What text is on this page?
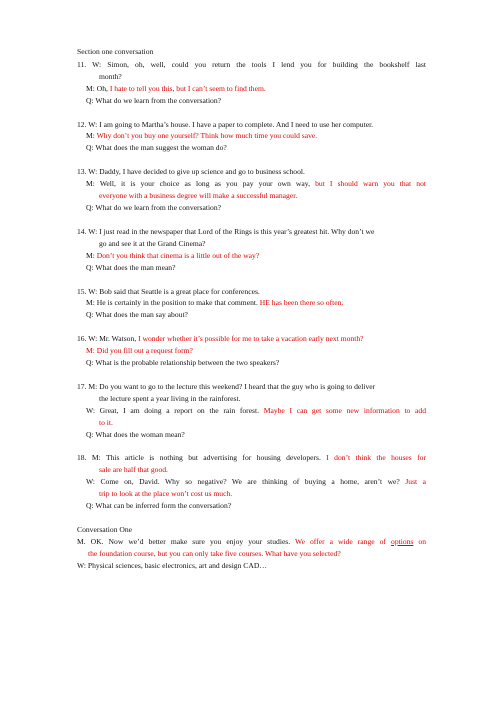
Section one conversation
11. W: Simon, oh, well, could you return the tools I lend you for building the bookshelf last
month?
M: Oh, I hate to tell you this, but I can’t seem to find them.
Q: What do we learn from the conversation?
12. W: I am going to Martha’s house. I have a paper to complete. And I need to use her computer.
M: Why don’t you buy one yourself? Think how much time you could save.
Q: What does the man suggest the woman do?
13. W: Daddy, I have decided to give up science and go to business school.
M: Well, it is your choice as long as you pay your own way, but I should warn you that not
everyone with a business degree will make a successful manager.
Q: What do we learn from the conversation?
14. W: I just read in the newspaper that Lord of the Rings is this year’s greatest hit. Why don’t we
go and see it at the Grand Cinema?
M: Don’t you think that cinema is a little out of the way?
Q: What does the man mean?
15. W: Bob said that Seattle is a great place for conferences.
M: He is certainly in the position to make that comment. HE has been there so often.
Q: What does the man say about?
16. W: Mr. Watson, I wonder whether it’s possible for me to take a vacation early next month?
M: Did you fill out a request form?
Q: What is the probable relationship between the two speakers?
17. M: Do you want to go to the lecture this weekend? I heard that the guy who is going to deliver
the lecture spent a year living in the rainforest.
W: Great, I am doing a report on the rain forest. Maybe I can get some new information to add
to it.
Q: What does the woman mean?
18. M: This article is nothing but advertising for housing developers. I don’t think the houses for
sale are half that good.
W: Come on, David. Why so negative? We are thinking of buying a home, aren’t we? Just a
trip to look at the place won’t cost us much.
Q: What can be inferred form the conversation?
Conversation One
M. OK. Now we’d better make sure you enjoy your studies. We offer a wide range of options on
the foundation course, but you can only take five courses. What have you selected?
W: Physical sciences, basic electronics, art and design CAD…
